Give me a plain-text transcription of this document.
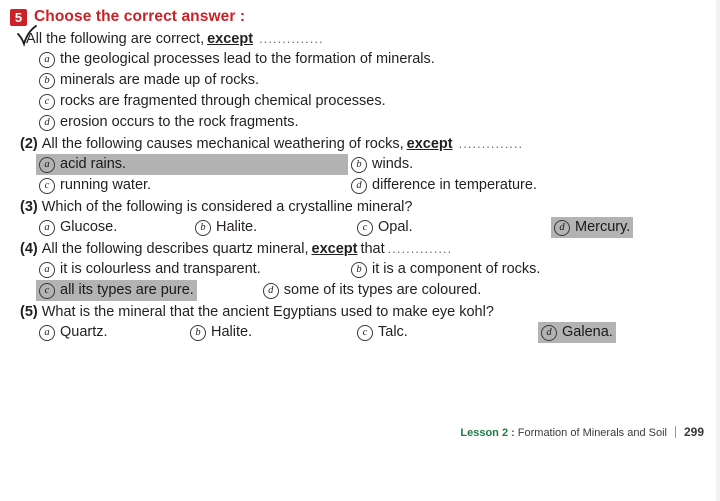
5 Choose the correct answer :
All the following are correct, except ..............
a the geological processes lead to the formation of minerals.
b minerals are made up of rocks.
c rocks are fragmented through chemical processes.
d erosion occurs to the rock fragments.
(2) All the following causes mechanical weathering of rocks, except ..............
a acid rains.	b winds.
c running water.	d difference in temperature.
(3) Which of the following is considered a crystalline mineral?
a Glucose.	b Halite.	c Opal.	d Mercury.
(4) All the following describes quartz mineral, except that ..............
a it is colourless and transparent.	b it is a component of rocks.
c all its types are pure.	d some of its types are coloured.
(5) What is the mineral that the ancient Egyptians used to make eye kohl?
a Quartz.	b Halite.	c Talc.	d Galena.
Lesson 2 : Formation of Minerals and Soil 299
